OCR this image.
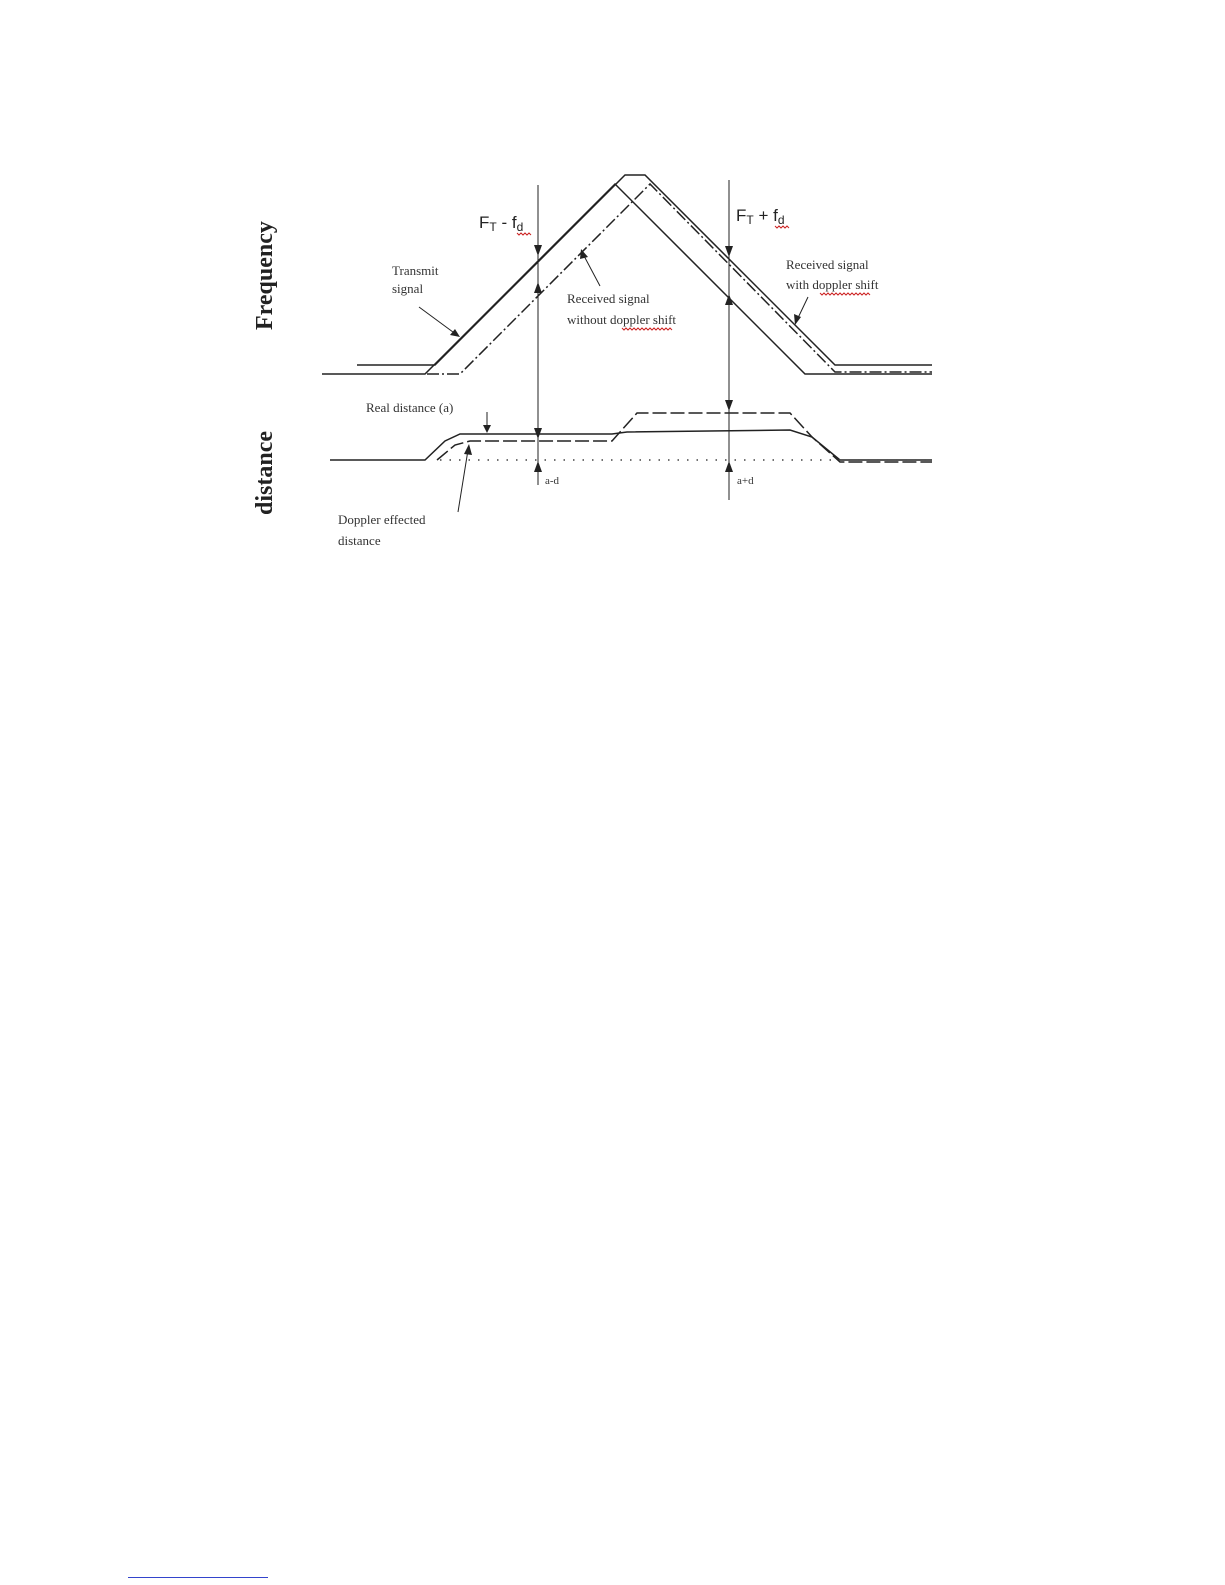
Frequency
distance
Transmit
signal
Received signal
without doppler shift
Received signal
with doppler shift
Real distance (a)
Doppler effected
distance
a-d	a+d
FT - fd
FT + fd
